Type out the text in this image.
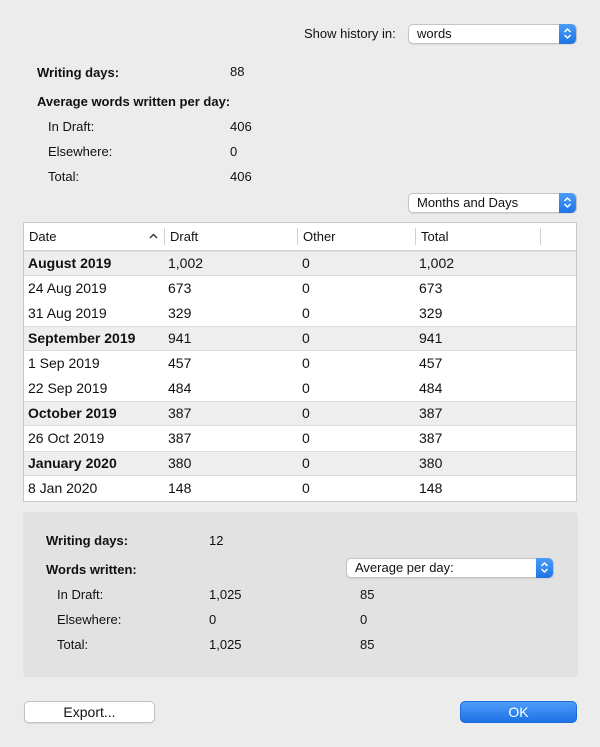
Show history in:	words
Writing days:	88
Average words written per day:
In Draft:	406
Elsewhere:	0
Total:	406
Months and Days
Date	Draft	Other	Total
August 2019	1,002	0	1,002
24 Aug 2019	673	0	673
31 Aug 2019	329	0	329
September 2019 941	0	941
1 Sep 2019	457	0	457
22 Sep 2019	484	0	484
October 2019	387	0	387
26 Oct 2019	387	0	387
January 2020	380	0	380
8 Jan 2020	148	0	148
Writing days:	12
Words written:	Average per day:
In Draft:	1,025	85
Elsewhere:	0	0
Total:	1,025	85
Export...	OK
